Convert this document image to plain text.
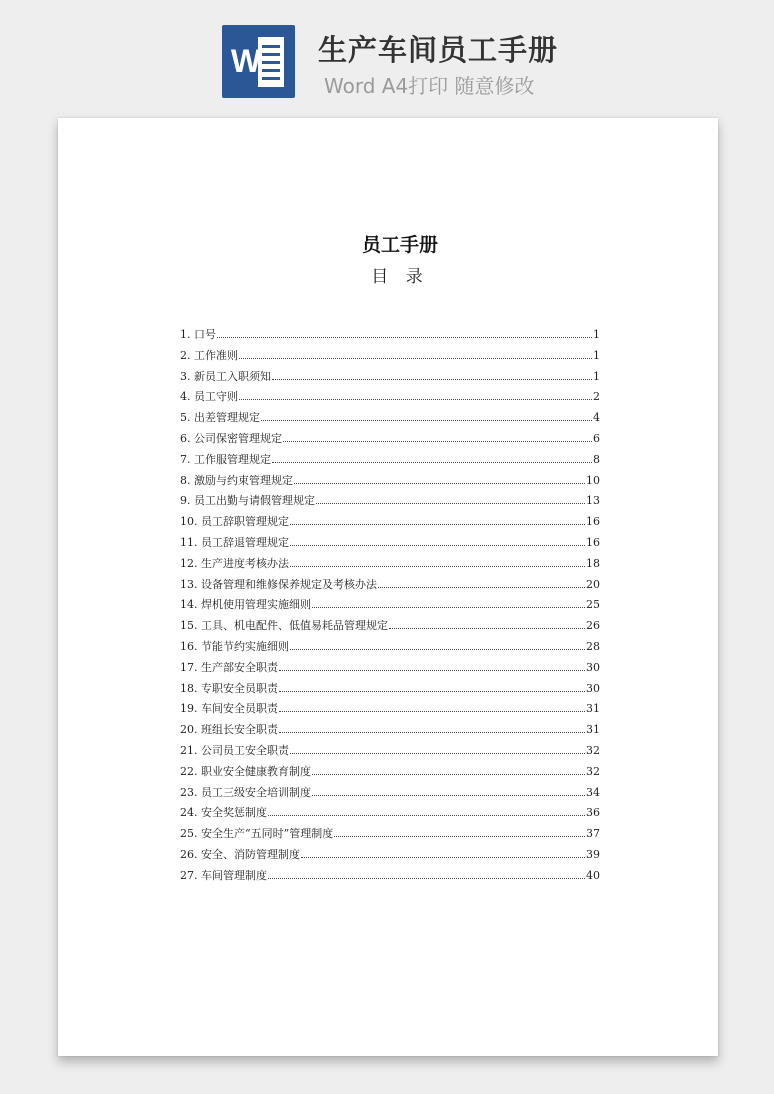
W 生产车间员工手册
Word A4打印 随意修改
员工手册
目 录
1. 口号	1
2. 工作准则	1
3. 新员工入职须知	1
4. 员工守则	2
5. 出差管理规定	4
6. 公司保密管理规定	6
7. 工作服管理规定	8
8. 激励与约束管理规定	10
9. 员工出勤与请假管理规定	13
10. 员工辞职管理规定	16
11. 员工辞退管理规定	16
12. 生产进度考核办法	18
13. 设备管理和维修保养规定及考核办法	20
14. 焊机使用管理实施细则	25
15. 工具、机电配件、低值易耗品管理规定	26
16. 节能节约实施细则	28
17. 生产部安全职责	30
18. 专职安全员职责	30
19. 车间安全员职责	31
20. 班组长安全职责	31
21. 公司员工安全职责	32
22. 职业安全健康教育制度	32
23. 员工三级安全培训制度	34
24. 安全奖惩制度	36
25. 安全生产“五同时”管理制度	37
26. 安全、消防管理制度	39
27. 车间管理制度	40
